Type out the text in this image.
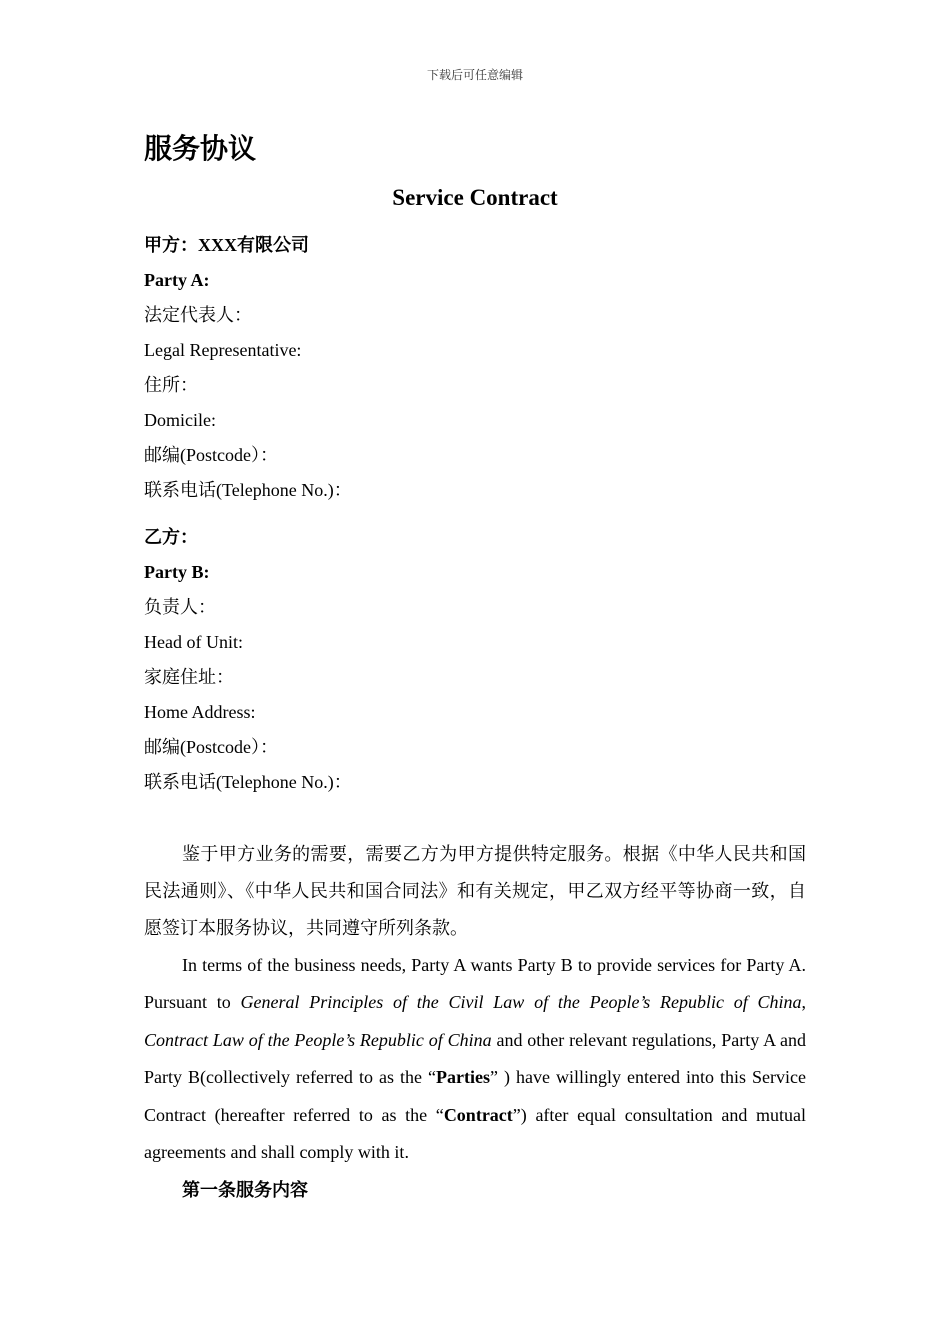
下载后可任意编辑
服务协议
Service Contract
甲方：XXX有限公司
Party A:
法定代表人：
Legal Representative:
住所：
Domicile:
邮编(Postcode）：
联系电话(Telephone No.)：
乙方：
Party B:
负责人：
Head of Unit:
家庭住址：
Home Address:
邮编(Postcode）：
联系电话(Telephone No.)：

鉴于甲方业务的需要，需要乙方为甲方提供特定服务。根据《中华人民共和国民法通则》、《中华人民共和国合同法》和有关规定，甲乙双方经平等协商一致，自愿签订本服务协议，共同遵守所列条款。

In terms of the business needs, Party A wants Party B to provide services for Party A. Pursuant to General Principles of the Civil Law of the People’s Republic of China, Contract Law of the People’s Republic of China and other relevant regulations, Party A and Party B(collectively referred to as the “Parties” ) have willingly entered into this Service Contract (hereafter referred to as the “Contract”) after equal consultation and mutual agreements and shall comply with it.

第一条服务内容
